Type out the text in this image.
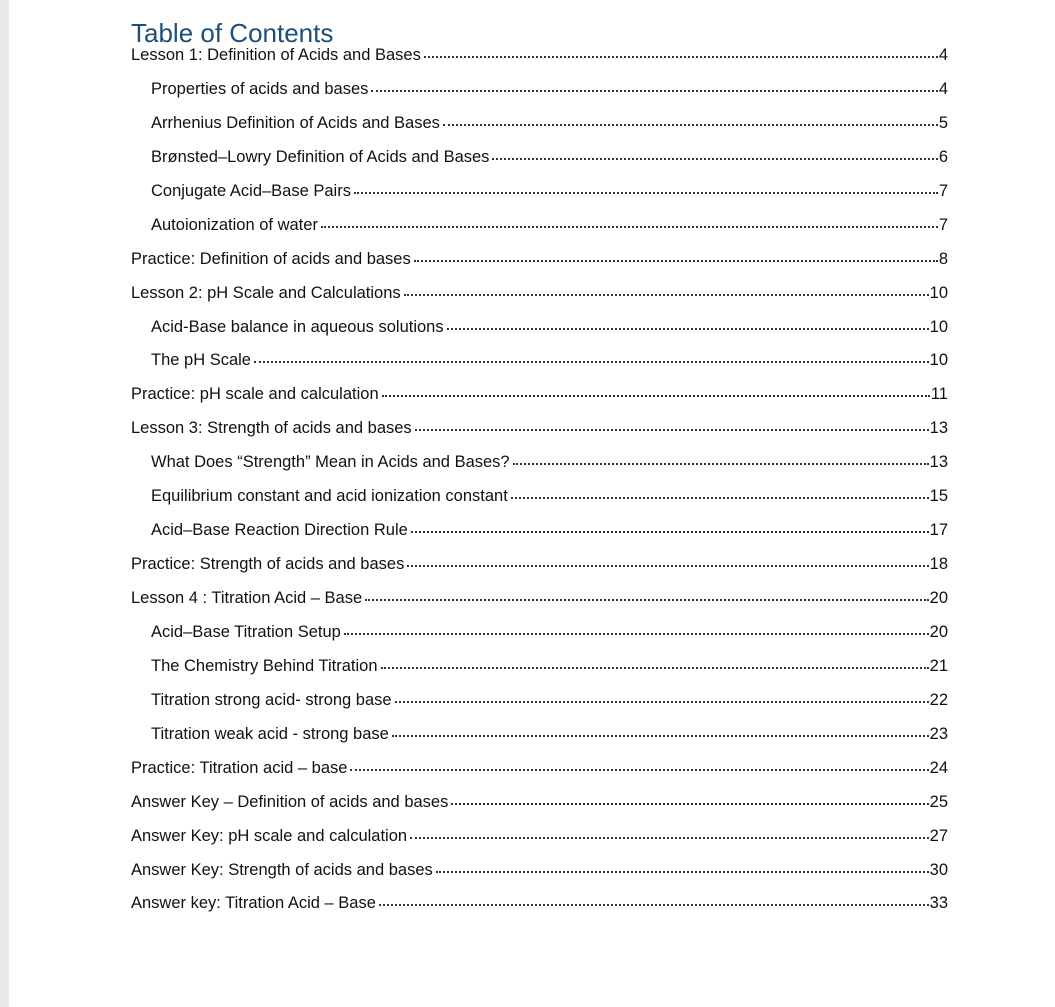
Table of Contents
Lesson 1: Definition of Acids and Bases	4
Properties of acids and bases	4
Arrhenius Definition of Acids and Bases	5
Brønsted–Lowry Definition of Acids and Bases	6
Conjugate Acid–Base Pairs	7
Autoionization of water	7
Practice: Definition of acids and bases	8
Lesson 2: pH Scale and Calculations	10
Acid-Base balance in aqueous solutions	10
The pH Scale	10
Practice: pH scale and calculation	11
Lesson 3: Strength of acids and bases	13
What Does “Strength” Mean in Acids and Bases?	13
Equilibrium constant and acid ionization constant	15
Acid–Base Reaction Direction Rule	17
Practice: Strength of acids and bases	18
Lesson 4 : Titration Acid – Base	20
Acid–Base Titration Setup	20
The Chemistry Behind Titration	21
Titration strong acid- strong base	22
Titration weak acid - strong base	23
Practice: Titration acid – base	24
Answer Key – Definition of acids and bases	25
Answer Key: pH scale and calculation	27
Answer Key: Strength of acids and bases	30
Answer key: Titration Acid – Base	33
